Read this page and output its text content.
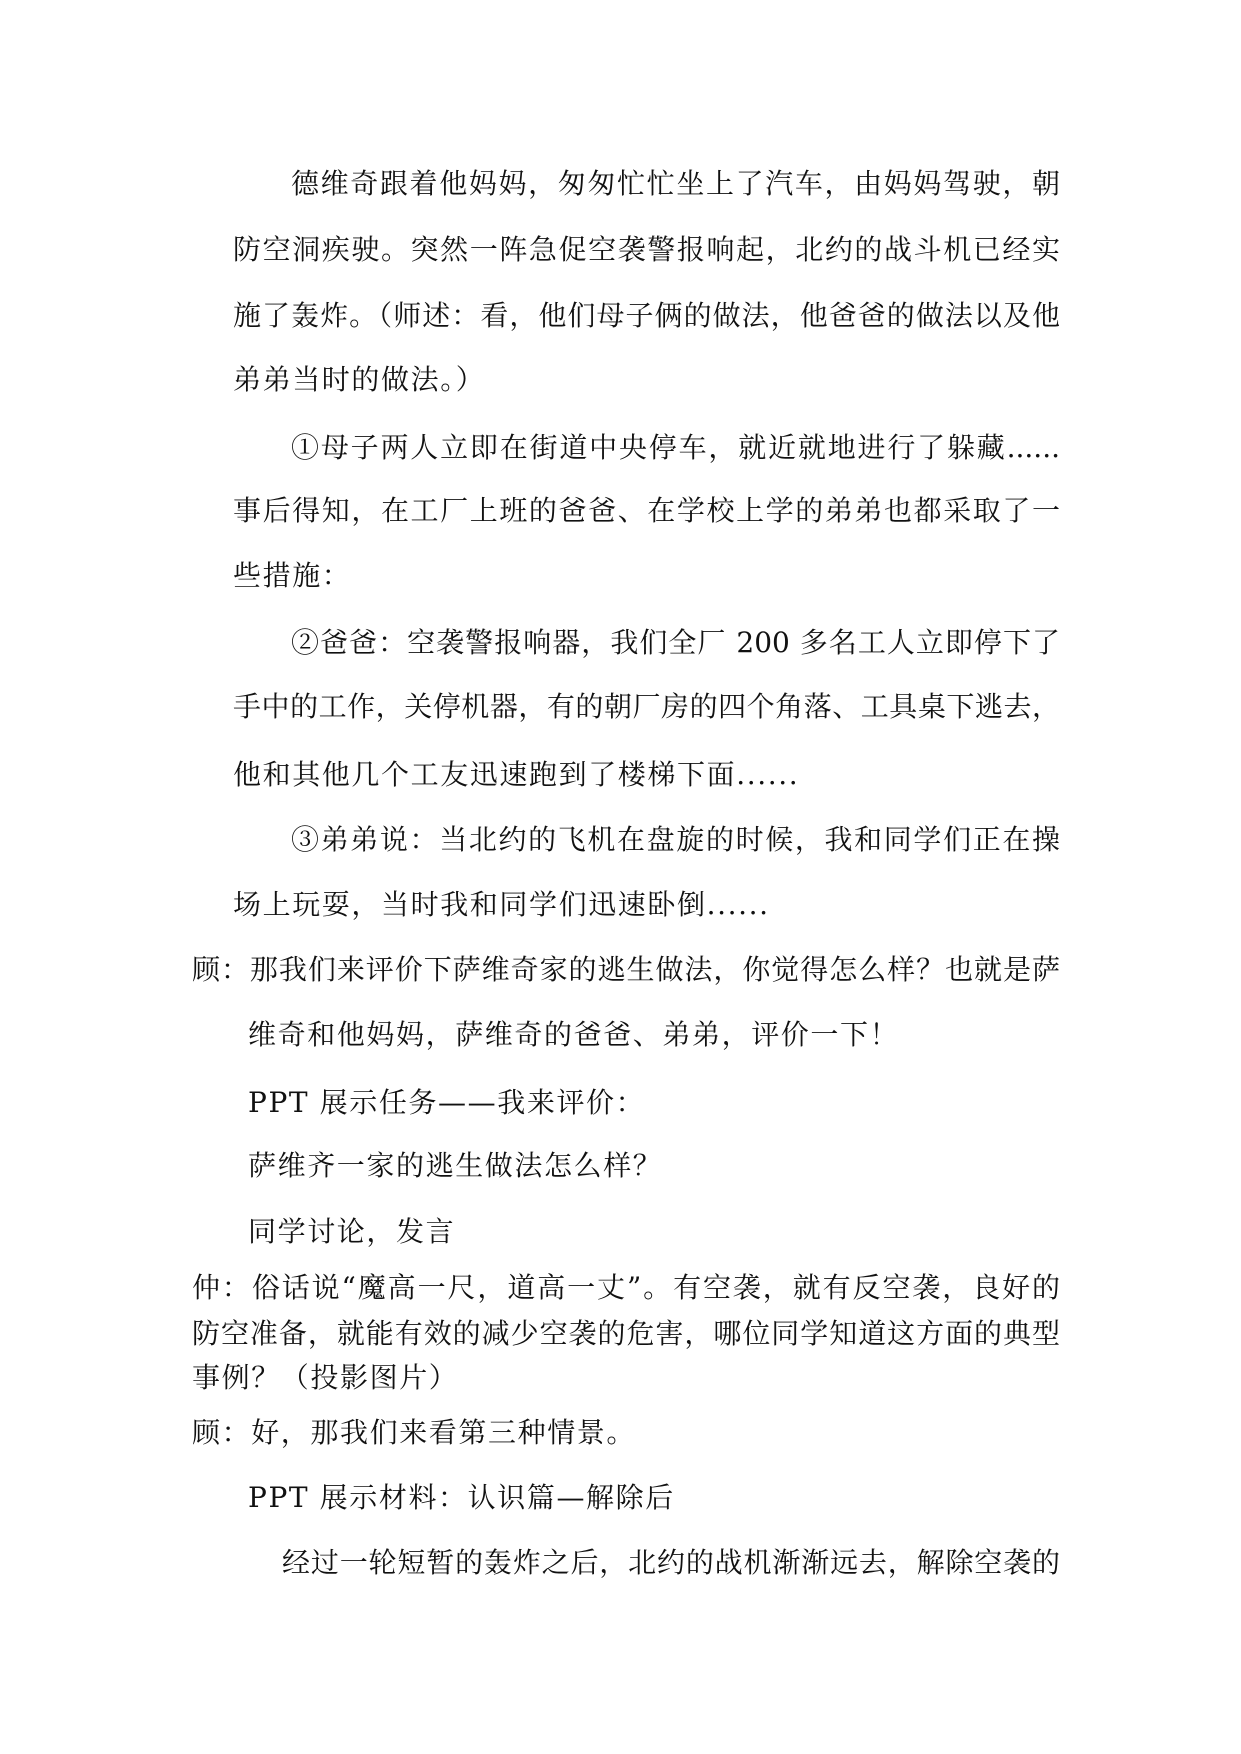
德维奇跟着他妈妈，匆匆忙忙坐上了汽车，由妈妈驾驶，朝
防空洞疾驶。突然一阵急促空袭警报响起，北约的战斗机已经实
施了轰炸。（师述：看，他们母子俩的做法，他爸爸的做法以及他
弟弟当时的做法。）
①母子两人立即在街道中央停车，就近就地进行了躲藏......
事后得知，在工厂上班的爸爸、在学校上学的弟弟也都采取了一
些措施：
②爸爸：空袭警报响器，我们全厂 200 多名工人立即停下了
手中的工作，关停机器，有的朝厂房的四个角落、工具桌下逃去，
他和其他几个工友迅速跑到了楼梯下面......
③弟弟说：当北约的飞机在盘旋的时候，我和同学们正在操
场上玩耍，当时我和同学们迅速卧倒......
顾：那我们来评价下萨维奇家的逃生做法，你觉得怎么样？也就是萨
维奇和他妈妈，萨维奇的爸爸、弟弟，评价一下！
PPT 展示任务——我来评价：
萨维齐一家的逃生做法怎么样？
同学讨论，发言
仲：俗话说“魔高一尺，道高一丈”。有空袭，就有反空袭，良好的
防空准备，就能有效的减少空袭的危害，哪位同学知道这方面的典型
事例？（投影图片）
顾：好，那我们来看第三种情景。
PPT 展示材料：认识篇—解除后
经过一轮短暂的轰炸之后，北约的战机渐渐远去，解除空袭的
